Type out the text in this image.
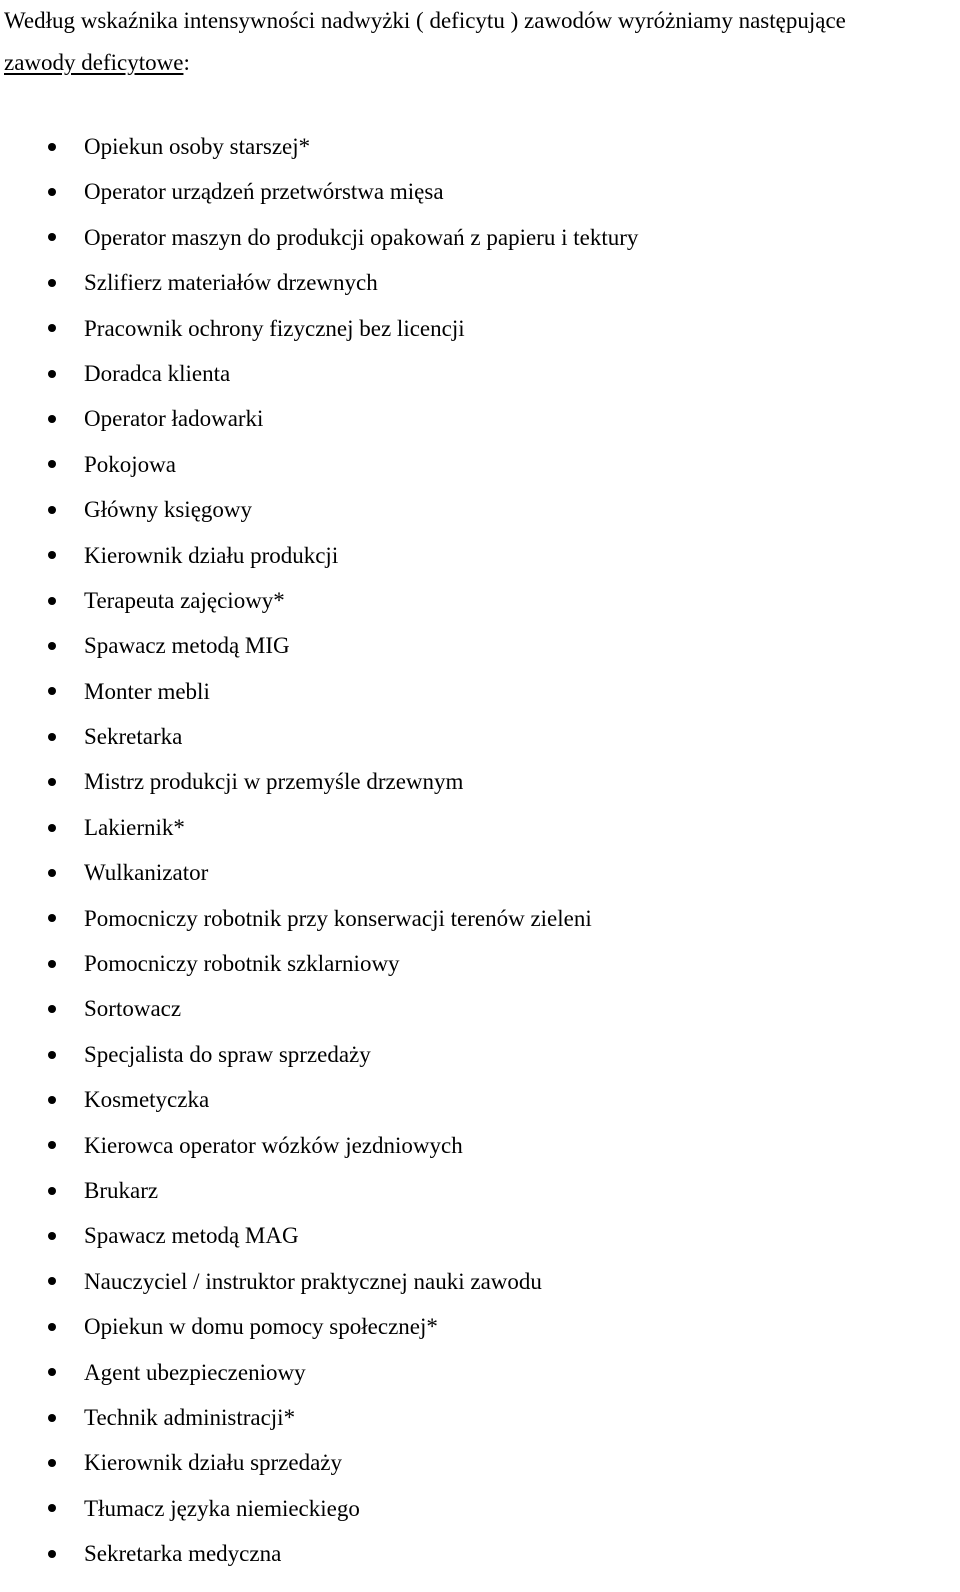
Według wskaźnika intensywności nadwyżki ( deficytu ) zawodów wyróżniamy następujące
zawody deficytowe:

Opiekun osoby starszej*
Operator urządzeń przetwórstwa mięsa
Operator maszyn do produkcji opakowań z papieru i tektury
Szlifierz materiałów drzewnych
Pracownik ochrony fizycznej bez licencji
Doradca klienta
Operator ładowarki
Pokojowa
Główny księgowy
Kierownik działu produkcji
Terapeuta zajęciowy*
Spawacz metodą MIG
Monter mebli
Sekretarka
Mistrz produkcji w przemyśle drzewnym
Lakiernik*
Wulkanizator
Pomocniczy robotnik przy konserwacji terenów zieleni
Pomocniczy robotnik szklarniowy
Sortowacz
Specjalista do spraw sprzedaży
Kosmetyczka
Kierowca operator wózków jezdniowych
Brukarz
Spawacz metodą MAG
Nauczyciel / instruktor praktycznej nauki zawodu
Opiekun w domu pomocy społecznej*
Agent ubezpieczeniowy
Technik administracji*
Kierownik działu sprzedaży
Tłumacz języka niemieckiego
Sekretarka medyczna
